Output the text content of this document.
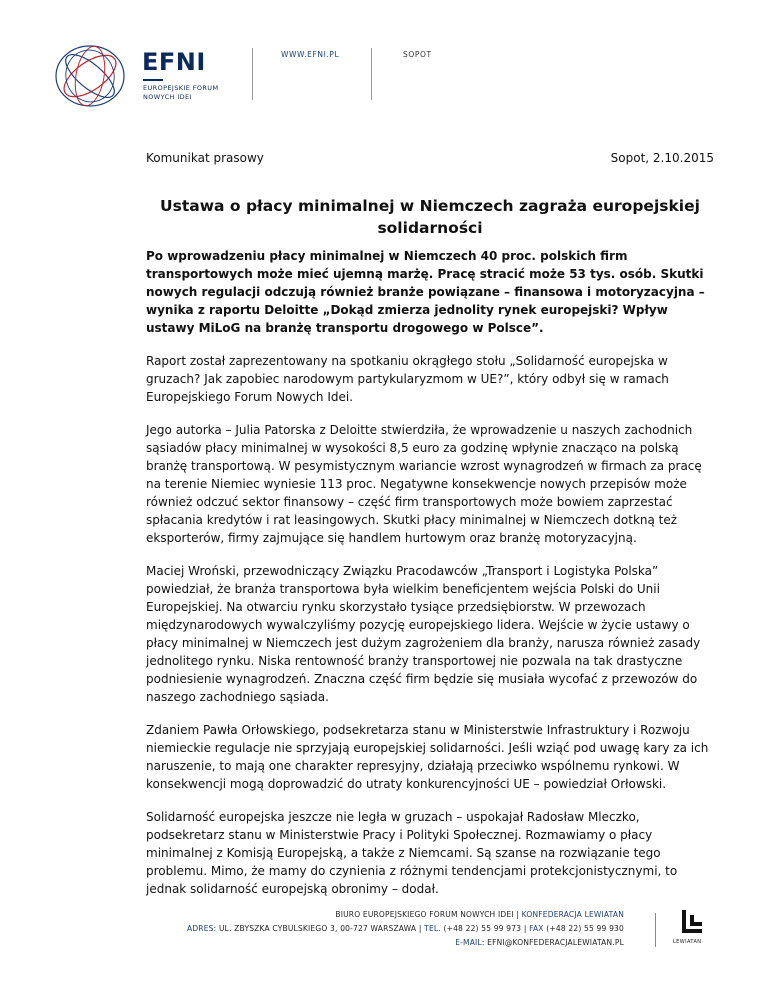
EFNI
EUROPEJSKIE FORUM
NOWYCH IDEI
WWW.EFNI.PL	SOPOT
Komunikat prasowy	Sopot, 2.10.2015
Ustawa o płacy minimalnej w Niemczech zagraża europejskiej solidarności

Po wprowadzeniu płacy minimalnej w Niemczech 40 proc. polskich firm transportowych może mieć ujemną marżę. Pracę stracić może 53 tys. osób. Skutki nowych regulacji odczują również branże powiązane – finansowa i motoryzacyjna – wynika z raportu Deloitte „Dokąd zmierza jednolity rynek europejski? Wpływ ustawy MiLoG na branżę transportu drogowego w Polsce”.

Raport został zaprezentowany na spotkaniu okrągłego stołu „Solidarność europejska w gruzach? Jak zapobiec narodowym partykularyzmom w UE?”, który odbył się w ramach Europejskiego Forum Nowych Idei.

Jego autorka – Julia Patorska z Deloitte stwierdziła, że wprowadzenie u naszych zachodnich sąsiadów płacy minimalnej w wysokości 8,5 euro za godzinę wpłynie znacząco na polską branżę transportową. W pesymistycznym wariancie wzrost wynagrodzeń w firmach za pracę na terenie Niemiec wyniesie 113 proc. Negatywne konsekwencje nowych przepisów może również odczuć sektor finansowy – część firm transportowych może bowiem zaprzestać spłacania kredytów i rat leasingowych. Skutki płacy minimalnej w Niemczech dotkną też eksporterów, firmy zajmujące się handlem hurtowym oraz branżę motoryzacyjną.

Maciej Wroński, przewodniczący Związku Pracodawców „Transport i Logistyka Polska” powiedział, że branża transportowa była wielkim beneficjentem wejścia Polski do Unii Europejskiej. Na otwarciu rynku skorzystało tysiące przedsiębiorstw. W przewozach międzynarodowych wywalczyliśmy pozycję europejskiego lidera. Wejście w życie ustawy o płacy minimalnej w Niemczech jest dużym zagrożeniem dla branży, narusza również zasady jednolitego rynku. Niska rentowność branży transportowej nie pozwala na tak drastyczne podniesienie wynagrodzeń. Znaczna część firm będzie się musiała wycofać z przewozów do naszego zachodniego sąsiada.

Zdaniem Pawła Orłowskiego, podsekretarza stanu w Ministerstwie Infrastruktury i Rozwoju niemieckie regulacje nie sprzyjają europejskiej solidarności. Jeśli wziąć pod uwagę kary za ich naruszenie, to mają one charakter represyjny, działają przeciwko wspólnemu rynkowi. W konsekwencji mogą doprowadzić do utraty konkurencyjności UE – powiedział Orłowski.

Solidarność europejska jeszcze nie legła w gruzach – uspokajał Radosław Mleczko, podsekretarz stanu w Ministerstwie Pracy i Polityki Społecznej. Rozmawiamy o płacy minimalnej z Komisją Europejską, a także z Niemcami. Są szanse na rozwiązanie tego problemu. Mimo, że mamy do czynienia z różnymi tendencjami protekcjonistycznymi, to jednak solidarność europejską obronimy – dodał.

BIURO EUROPEJSKIEGO FORUM NOWYCH IDEI | KONFEDERACJA LEWIATAN
ADRES: UL. ZBYSZKA CYBULSKIEGO 3, 00-727 WARSZAWA | TEL. (+48 22) 55 99 973 | FAX (+48 22) 55 99 930
E-MAIL: EFNI@KONFEDERACJALEWIATAN.PL	LEWIATAN
